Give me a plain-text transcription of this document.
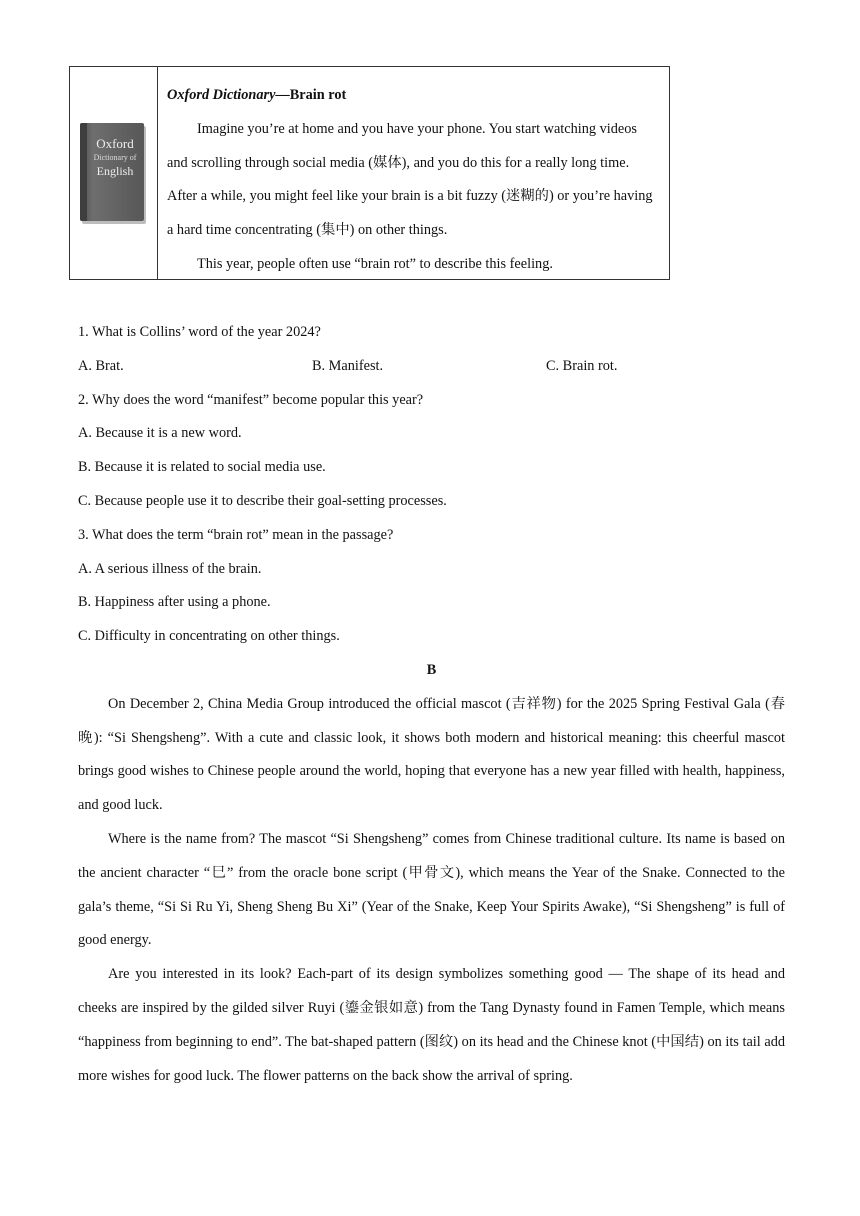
Oxford
Dictionary of
English

Oxford Dictionary—Brain rot

Imagine you’re at home and you have your phone. You start watching videos and scrolling through social media (媒体), and you do this for a really long time. After a while, you might feel like your brain is a bit fuzzy (迷糊的) or you’re having a hard time concentrating (集中) on other things.

This year, people often use “brain rot” to describe this feeling.

1. What is Collins’ word of the year 2024?

A. Brat.	B. Manifest.	C. Brain rot.

2. Why does the word “manifest” become popular this year?

A. Because it is a new word.

B. Because it is related to social media use.

C. Because people use it to describe their goal-setting processes.

3. What does the term “brain rot” mean in the passage?

A. A serious illness of the brain.

B. Happiness after using a phone.

C. Difficulty in concentrating on other things.

B

On December 2, China Media Group introduced the official mascot (吉祥物) for the 2025 Spring Festival Gala (春晚): “Si Shengsheng”. With a cute and classic look, it shows both modern and historical meaning: this cheerful mascot brings good wishes to Chinese people around the world, hoping that everyone has a new year filled with health, happiness, and good luck.

Where is the name from? The mascot “Si Shengsheng” comes from Chinese traditional culture. Its name is based on the ancient character “巳” from the oracle bone script (甲骨文), which means the Year of the Snake. Connected to the gala’s theme, “Si Si Ru Yi, Sheng Sheng Bu Xi” (Year of the Snake, Keep Your Spirits Awake), “Si Shengsheng” is full of good energy.

Are you interested in its look? Each-part of its design symbolizes something good — The shape of its head and cheeks are inspired by the gilded silver Ruyi (鎏金银如意) from the Tang Dynasty found in Famen Temple, which means “happiness from beginning to end”. The bat-shaped pattern (图纹) on its head and the Chinese knot (中国结) on its tail add more wishes for good luck. The flower patterns on the back show the arrival of spring.
